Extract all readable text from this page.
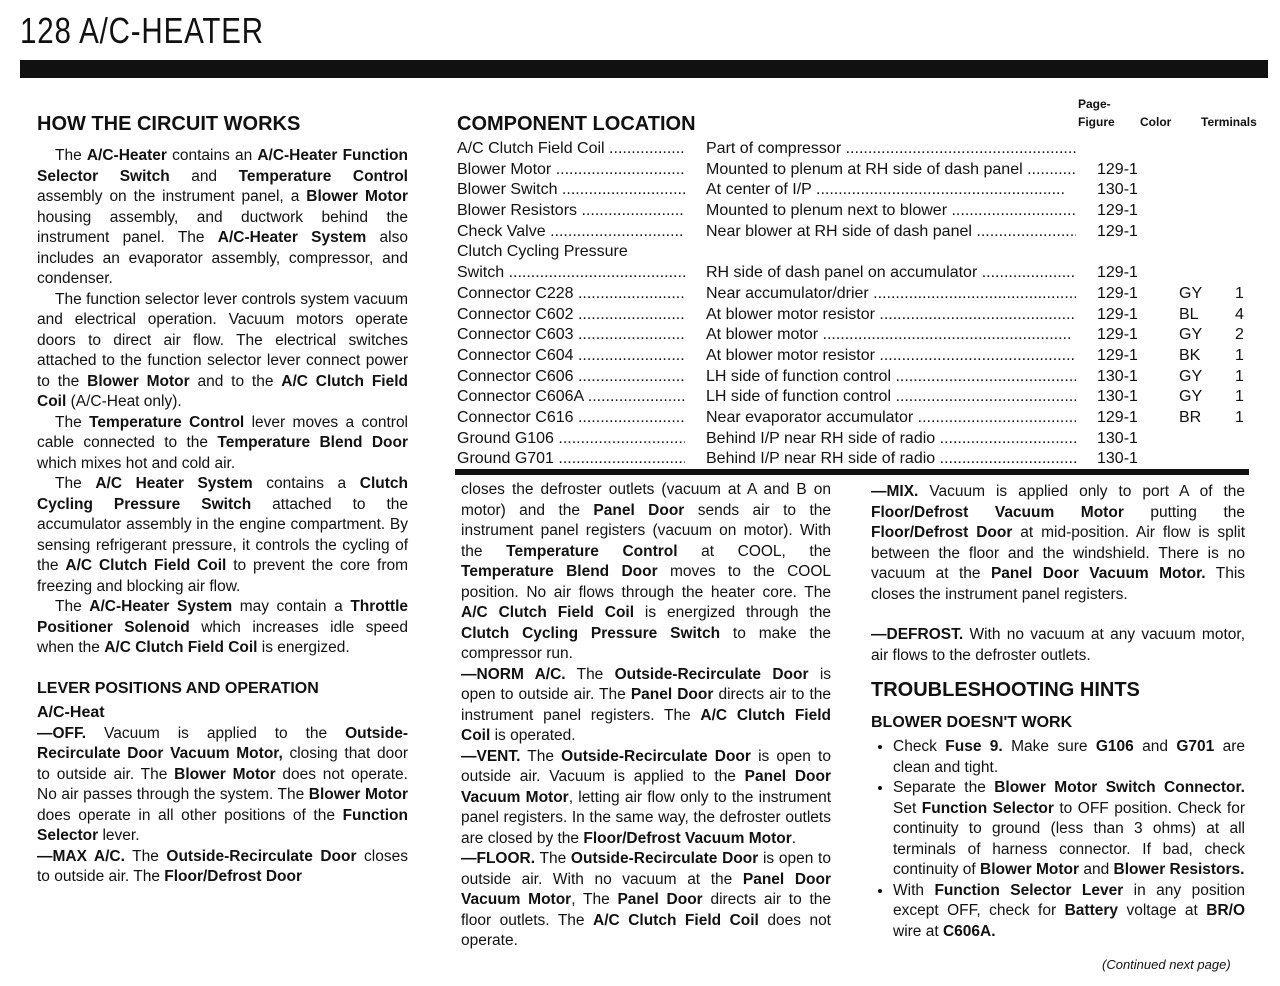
128 A/C-HEATER
HOW THE CIRCUIT WORKS

The A/C-Heater contains an A/C-Heater Function Selector Switch and Temperature Control assembly on the instrument panel, a Blower Motor housing assembly, and ductwork behind the instrument panel. The A/C-Heater System also includes an evaporator assembly, compressor, and condenser.

The function selector lever controls system vacuum and electrical operation. Vacuum motors operate doors to direct air flow. The electrical switches attached to the function selector lever connect power to the Blower Motor and to the A/C Clutch Field Coil (A/C-Heat only).

The Temperature Control lever moves a control cable connected to the Temperature Blend Door which mixes hot and cold air.

The A/C Heater System contains a Clutch Cycling Pressure Switch attached to the accumulator assembly in the engine compartment. By sensing refrigerant pressure, it controls the cycling of the A/C Clutch Field Coil to prevent the core from freezing and blocking air flow.

The A/C-Heater System may contain a Throttle Positioner Solenoid which increases idle speed when the A/C Clutch Field Coil is energized.

LEVER POSITIONS AND OPERATION

A/C-Heat

—OFF. Vacuum is applied to the Outside-Recirculate Door Vacuum Motor, closing that door to outside air. The Blower Motor does not operate. No air passes through the system. The Blower Motor does operate in all other positions of the Function Selector lever.

—MAX A/C. The Outside-Recirculate Door closes to outside air. The Floor/Defrost Door

COMPONENT LOCATION
Page-
Figure Color Terminals
A/C Clutch Field Coil .....	Part of compressor .....
Blower Motor .....	Mounted to plenum at RH side of dash panel .....	129-1
Blower Switch .....	At center of I/P .....	130-1
Blower Resistors .....	Mounted to plenum next to blower .....	129-1
Check Valve .....	Near blower at RH side of dash panel .....	129-1
Clutch Cycling Pressure
Switch .....	RH side of dash panel on accumulator .....	129-1
Connector C228 .....	Near accumulator/drier .....	129-1	GY 1
Connector C602 .....	At blower motor resistor .....	129-1	BL 4
Connector C603 .....	At blower motor .....	129-1	GY 2
Connector C604 .....	At blower motor resistor .....	129-1	BK 1
Connector C606 .....	LH side of function control .....	130-1	GY 1
Connector C606A .....	LH side of function control .....	130-1	GY 1
Connector C616 .....	Near evaporator accumulator .....	129-1	BR 1
Ground G106 .....	Behind I/P near RH side of radio .....	130-1
Ground G701 .....	Behind I/P near RH side of radio .....	130-1

closes the defroster outlets (vacuum at A and B on motor) and the Panel Door sends air to the instrument panel registers (vacuum on motor). With the Temperature Control at COOL, the Temperature Blend Door moves to the COOL position. No air flows through the heater core. The A/C Clutch Field Coil is energized through the Clutch Cycling Pressure Switch to make the compressor run.

—NORM A/C. The Outside-Recirculate Door is open to outside air. The Panel Door directs air to the instrument panel registers. The A/C Clutch Field Coil is operated.

—VENT. The Outside-Recirculate Door is open to outside air. Vacuum is applied to the Panel Door Vacuum Motor, letting air flow only to the instrument panel registers. In the same way, the defroster outlets are closed by the Floor/Defrost Vacuum Motor.

—FLOOR. The Outside-Recirculate Door is open to outside air. With no vacuum at the Panel Door Vacuum Motor, The Panel Door directs air to the floor outlets. The A/C Clutch Field Coil does not operate.

—MIX. Vacuum is applied only to port A of the Floor/Defrost Vacuum Motor putting the Floor/Defrost Door at mid-position. Air flow is split between the floor and the windshield. There is no vacuum at the Panel Door Vacuum Motor. This closes the instrument panel registers.

—DEFROST. With no vacuum at any vacuum motor, air flows to the defroster outlets.

TROUBLESHOOTING HINTS

BLOWER DOESN'T WORK

• Check Fuse 9. Make sure G106 and G701 are clean and tight.
• Separate the Blower Motor Switch Connector. Set Function Selector to OFF position. Check for continuity to ground (less than 3 ohms) at all terminals of harness connector. If bad, check continuity of Blower Motor and Blower Resistors.
• With Function Selector Lever in any position except OFF, check for Battery voltage at BR/O wire at C606A.
(Continued next page)
